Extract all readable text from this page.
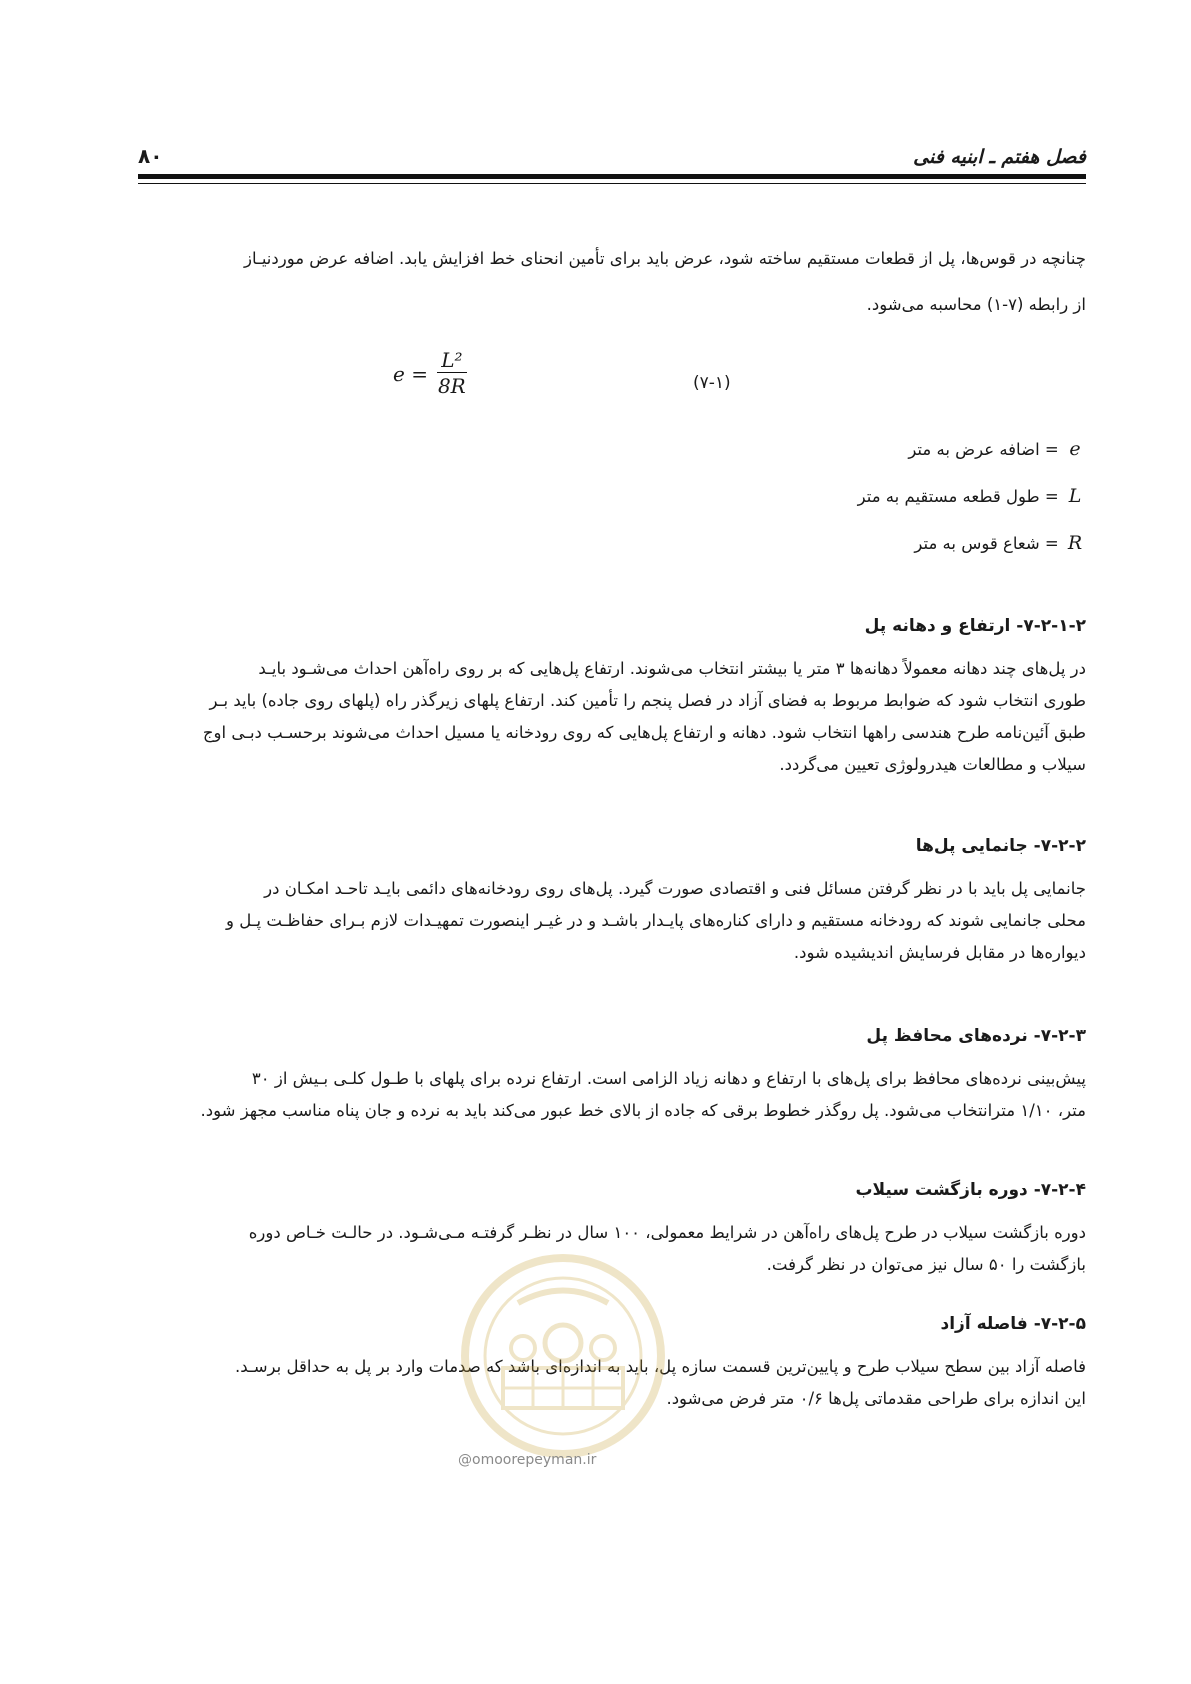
فصل هفتم ـ ابنیه فنی
۸۰

چنانچه در قوس‌ها، پل از قطعات مستقیم ساخته شود، عرض باید برای تأمین انحنای خط افزایش یابد. اضافه عرض موردنیـاز

از رابطه (۷-۱) محاسبه می‌شود.

$e = \frac{\text{L²}}{8R}$	(۷-۱)
e = اضافه عرض به متر
L = طول قطعه مستقیم به متر
R = شعاع قوس به متر
۷-۲-۱-۲- ارتفاع و دهانه پل

در پل‌های چند دهانه معمولاً دهانه‌ها ۳ متر یا بیشتر انتخاب می‌شوند. ارتفاع پل‌هایی که بر روی راه‌آهن احداث می‌شـود بایـد

طوری انتخاب شود که ضوابط مربوط به فضای آزاد در فصل پنجم را تأمین کند. ارتفاع پلهای زیرگذر راه (پلهای روی جاده) باید بـر

طبق آئین‌نامه طرح هندسی راهها انتخاب شود. دهانه و ارتفاع پل‌هایی که روی رودخانه یا مسیل احداث می‌شوند برحسـب دبـی اوج

سیلاب و مطالعات هیدرولوژی تعیین می‌گردد.

۷-۲-۲- جانمایی پل‌ها

جانمایی پل باید با در نظر گرفتن مسائل فنی و اقتصادی صورت گیرد. پل‌های روی رودخانه‌های دائمی بایـد تاحـد امکـان در

محلی جانمایی شوند که رودخانه مستقیم و دارای کناره‌های پایـدار باشـد و در غیـر اینصورت تمهیـدات لازم بـرای حفاظـت پـل و

دیواره‌ها در مقابل فرسایش اندیشیده شود.

۷-۲-۳- نرده‌های محافظ پل

پیش‌بینی نرده‌های محافظ برای پل‌های با ارتفاع و دهانه زیاد الزامی است. ارتفاع نرده برای پلهای با طـول کلـی بـیش از ۳۰

متر، ۱/۱۰ مترانتخاب می‌شود. پل روگذر خطوط برقی که جاده از بالای خط عبور می‌کند باید به نرده و جان پناه مناسب مجهز شود.

۷-۲-۴- دوره بازگشت سیلاب

دوره بازگشت سیلاب در طرح پل‌های راه‌آهن در شرایط معمولی، ۱۰۰ سال در نظـر گرفتـه مـی‌شـود. در حالـت خـاص دوره

بازگشت را ۵۰ سال نیز می‌توان در نظر گرفت.

۷-۲-۵- فاصله آزاد

فاصله آزاد بین سطح سیلاب طرح و پایین‌ترین قسمت سازه پل، باید به اندازه‌ای باشد که صدمات وارد بر پل به حداقل برسـد.

این اندازه برای طراحی مقدماتی پل‌ها ۰/۶ متر فرض می‌شود.

@omoorepeyman.ir
